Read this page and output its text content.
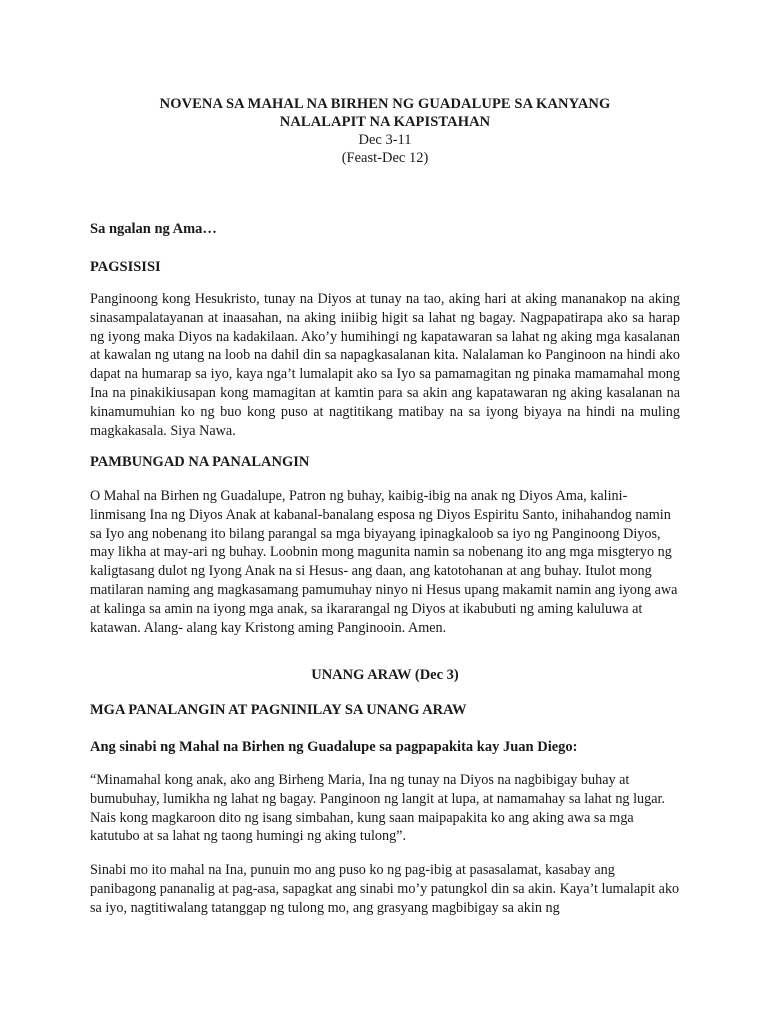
NOVENA SA MAHAL NA BIRHEN NG GUADALUPE SA KANYANG
NALALAPIT NA KAPISTAHAN
Dec 3-11
(Feast-Dec 12)

Sa ngalan ng Ama…

PAGSISISI

Panginoong kong Hesukristo, tunay na Diyos at tunay na tao, aking hari at aking mananakop na aking sinasampalatayanan at inaasahan, na aking iniibig higit sa lahat ng bagay. Nagpapatirapa ako sa harap ng iyong maka Diyos na kadakilaan. Ako’y humihingi ng kapatawaran sa lahat ng aking mga kasalanan at kawalan ng utang na loob na dahil din sa napagkasalanan kita. Nalalaman ko Panginoon na hindi ako dapat na humarap sa iyo, kaya nga’t lumalapit ako sa Iyo sa pamamagitan ng pinaka mamamahal mong Ina na pinakikiusapan kong mamagitan at kamtin para sa akin ang kapatawaran ng aking kasalanan na kinamumuhian ko ng buo kong puso at nagtitikang matibay na sa iyong biyaya na hindi na muling magkakasala. Siya Nawa.

PAMBUNGAD NA PANALANGIN

O Mahal na Birhen ng Guadalupe, Patron ng buhay, kaibig-ibig na anak ng Diyos Ama, kalini-linmisang Ina ng Diyos Anak at kabanal-banalang esposa ng Diyos Espiritu Santo, inihahandog namin sa Iyo ang nobenang ito bilang parangal sa mga biyayang ipinagkaloob sa iyo ng Panginoong Diyos, may likha at may-ari ng buhay. Loobnin mong magunita namin sa nobenang ito ang mga misgteryo ng kaligtasang dulot ng Iyong Anak na si Hesus- ang daan, ang katotohanan at ang buhay. Itulot mong matilaran naming ang magkasamang pamumuhay ninyo ni Hesus upang makamit namin ang iyong awa at kalinga sa amin na iyong mga anak, sa ikararangal ng Diyos at ikabubuti ng aming kaluluwa at katawan. Alang- alang kay Kristong aming Panginooin. Amen.

UNANG ARAW (Dec 3)

MGA PANALANGIN AT PAGNINILAY SA UNANG ARAW

Ang sinabi ng Mahal na Birhen ng Guadalupe sa pagpapakita kay Juan Diego:

“Minamahal kong anak, ako ang Birheng Maria, Ina ng tunay na Diyos na nagbibigay buhay at bumubuhay, lumikha ng lahat ng bagay. Panginoon ng langit at lupa, at namamahay sa lahat ng lugar. Nais kong magkaroon dito ng isang simbahan, kung saan maipapakita ko ang aking awa sa mga katutubo at sa lahat ng taong humingi ng aking tulong”.

Sinabi mo ito mahal na Ina, punuin mo ang puso ko ng pag-ibig at pasasalamat, kasabay ang panibagong pananalig at pag-asa, sapagkat ang sinabi mo’y patungkol din sa akin. Kaya’t lumalapit ako sa iyo, nagtitiwalang tatanggap ng tulong mo, ang grasyang magbibigay sa akin ng
